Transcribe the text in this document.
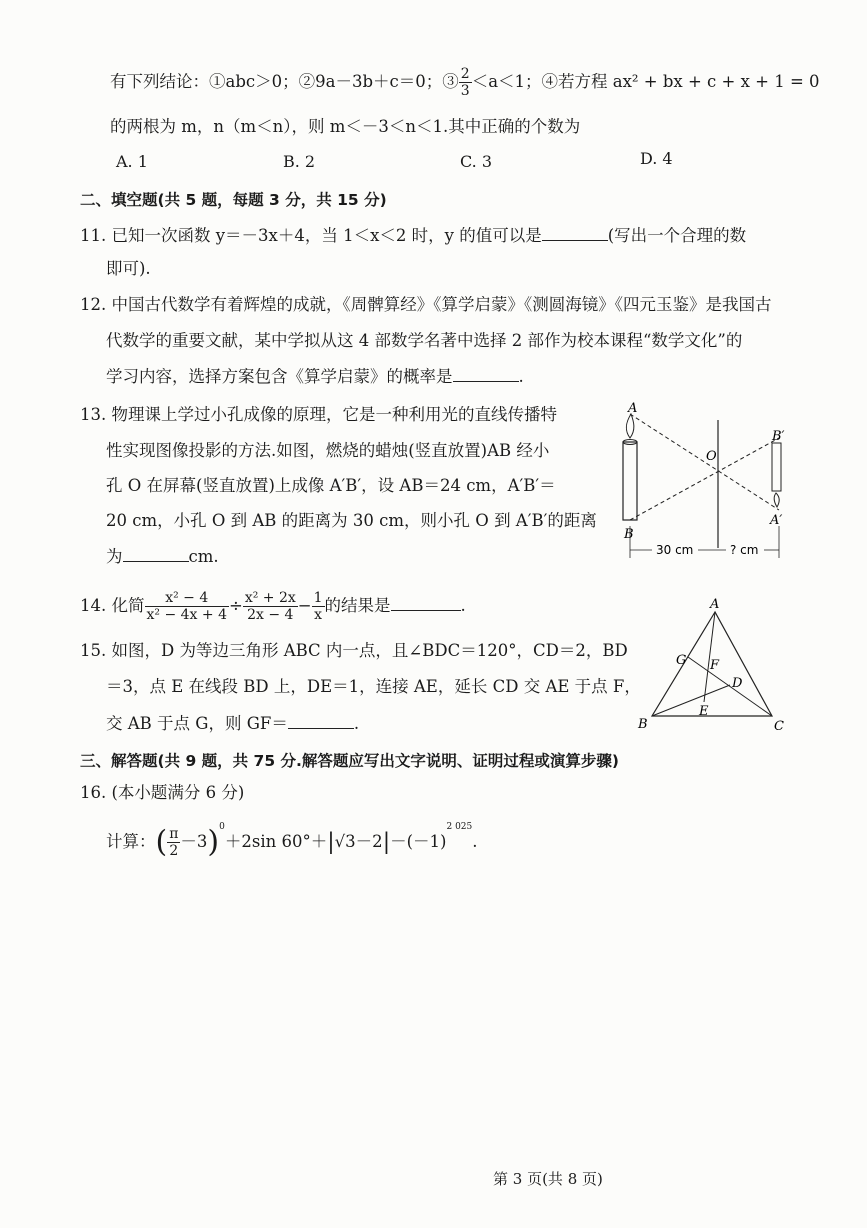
有下列结论：①abc＞0；②9a－3b＋c＝0；③ $\frac{2}{3} <a<1$；④若方程 ax² + bx + c + x + 1 = 0
的两根为 m，n（m＜n），则 m＜－3＜n＜1.其中正确的个数为
A. 1	B. 2	C. 3	D. 4
二、填空题(共 5 题，每题 3 分，共 15 分)
11. 已知一次函数 y＝－3x＋4，当 1＜x＜2 时，y 的值可以是	(写出一个合理的数
即可).
12. 中国古代数学有着辉煌的成就，《周髀算经》《算学启蒙》《测圆海镜》《四元玉鉴》是我国古
代数学的重要文献，某中学拟从这 4 部数学名著中选择 2 部作为校本课程“数学文化”的
学习内容，选择方案包含《算学启蒙》的概率是	.
13. 物理课上学过小孔成像的原理，它是一种利用光的直线传播特
性实现图像投影的方法.如图，燃烧的蜡烛(竖直放置)AB 经小
孔 O 在屏幕(竖直放置)上成像 A′B′，设 AB＝24 cm，A′B′＝
20 cm，小孔 O 到 AB 的距离为 30 cm，则小孔 O 到 A′B′的距离
为	cm.
A
B
O
B′
A′
30 cm	? cm
14. 化简 $\frac{\text{x² − 4}}{\text{x² − 4x + 4}} \div \frac{\text{x² + 2x}}{2x - 4} - \frac{1}{x}$ 的结果是	.
15. 如图，D 为等边三角形 ABC 内一点，且∠BDC＝120°，CD＝2，BD
＝3，点 E 在线段 BD 上，DE＝1，连接 AE，延长 CD 交 AE 于点 F，
交 AB 于点 G，则 GF＝	.
A
B	C
D
E
F
G
三、解答题(共 9 题，共 75 分.解答题应写出文字说明、证明过程或演算步骤)
16. (本小题满分 6 分)
计算：( $\frac{\pi}{2} -3)^0+2\sin$ $60^\circ+|√3-2|-(-1)^{2 025}$.
第 3 页(共 8 页)
